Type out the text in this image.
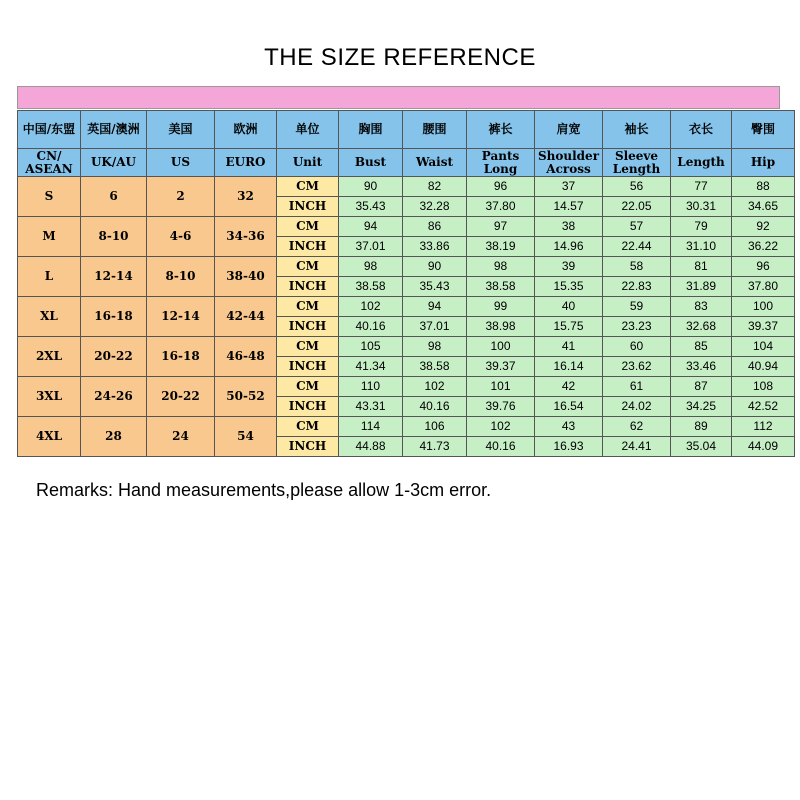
THE SIZE REFERENCE
中国/东盟	英国/澳洲	美国	欧洲	单位	胸围	腰围	裤长	肩宽	袖长	衣长	臀围
CN/ ASEAN	UK/AU	US	EURO	Unit	Bust	Waist	Pants Long	Shoulder Across	Sleeve Length	Length	Hip
S	6	2	32	CM	90	82	96	37	56	77	88
				INCH	35.43	32.28	37.80	14.57	22.05	30.31	34.65
M	8-10	4-6	34-36	CM	94	86	97	38	57	79	92
				INCH	37.01	33.86	38.19	14.96	22.44	31.10	36.22
L	12-14	8-10	38-40	CM	98	90	98	39	58	81	96
				INCH	38.58	35.43	38.58	15.35	22.83	31.89	37.80
XL	16-18	12-14	42-44	CM	102	94	99	40	59	83	100
				INCH	40.16	37.01	38.98	15.75	23.23	32.68	39.37
2XL	20-22	16-18	46-48	CM	105	98	100	41	60	85	104
				INCH	41.34	38.58	39.37	16.14	23.62	33.46	40.94
3XL	24-26	20-22	50-52	CM	110	102	101	42	61	87	108
				INCH	43.31	40.16	39.76	16.54	24.02	34.25	42.52
4XL	28	24	54	CM	114	106	102	43	62	89	112
				INCH	44.88	41.73	40.16	16.93	24.41	35.04	44.09
Remarks: Hand measurements,please allow 1-3cm error.
